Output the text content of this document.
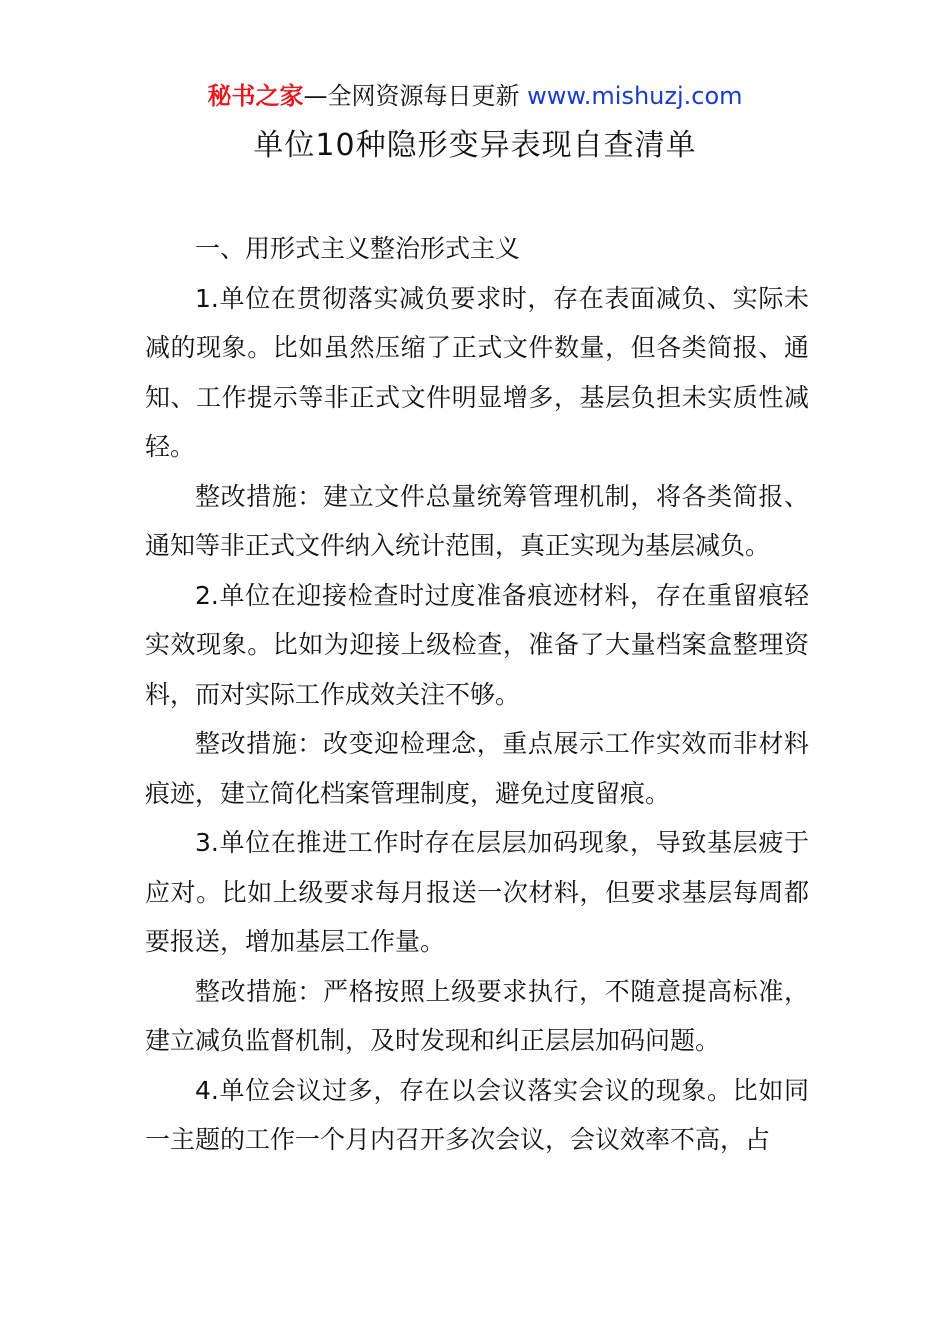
秘书之家—全网资源每日更新 www.mishuzj.com
单位10种隐形变异表现自查清单

一、用形式主义整治形式主义

1.单位在贯彻落实减负要求时，存在表面减负、实际未减的现象。比如虽然压缩了正式文件数量，但各类简报、通知、工作提示等非正式文件明显增多，基层负担未实质性减轻。

整改措施：建立文件总量统筹管理机制，将各类简报、通知等非正式文件纳入统计范围，真正实现为基层减负。

2.单位在迎接检查时过度准备痕迹材料，存在重留痕轻实效现象。比如为迎接上级检查，准备了大量档案盒整理资料，而对实际工作成效关注不够。

整改措施：改变迎检理念，重点展示工作实效而非材料痕迹，建立简化档案管理制度，避免过度留痕。

3.单位在推进工作时存在层层加码现象，导致基层疲于应对。比如上级要求每月报送一次材料，但要求基层每周都要报送，增加基层工作量。

整改措施：严格按照上级要求执行，不随意提高标准，建立减负监督机制，及时发现和纠正层层加码问题。

4.单位会议过多，存在以会议落实会议的现象。比如同一主题的工作一个月内召开多次会议，会议效率不高，占
